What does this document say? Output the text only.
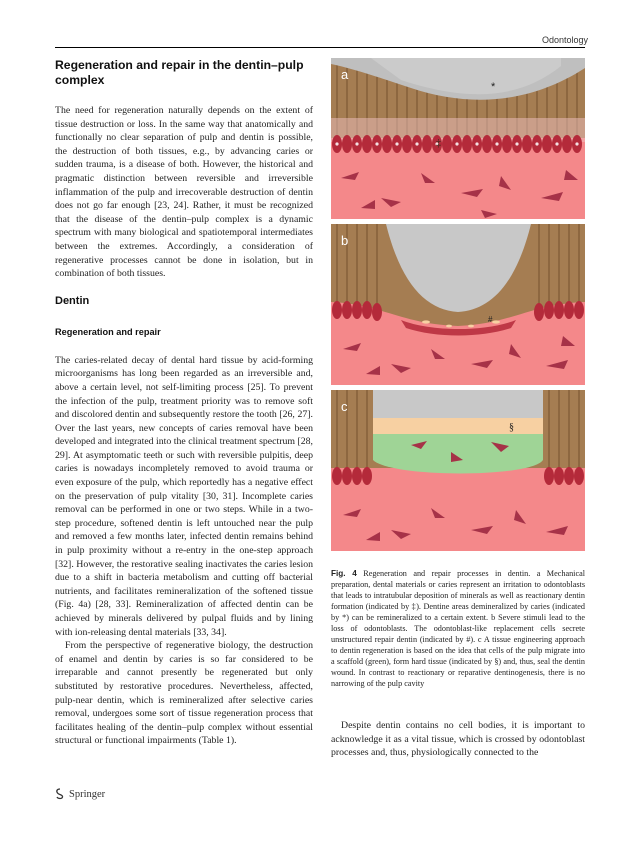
Odontology
Regeneration and repair in the dentin–pulp complex

The need for regeneration naturally depends on the extent of tissue destruction or loss. In the same way that anatomically and functionally no clear separation of pulp and dentin is possible, the destruction of both tissues, e.g., by advancing caries or sudden trauma, is a disease of both. However, the historical and pragmatic distinction between reversible and irreversible inflammation of the pulp and irrecoverable destruction of dentin does not go far enough [23, 24]. Rather, it must be recognized that the disease of the dentin–pulp complex is a dynamic spectrum with many biological and spatiotemporal intermediates between the extremes. Accordingly, a consideration of regenerative processes cannot be done in isolation, but in combination of both tissues.

Dentin
Regeneration and repair

The caries-related decay of dental hard tissue by acid-forming microorganisms has long been regarded as an irreversible and, above a certain level, not self-limiting process [25]. To prevent the infection of the pulp, treatment priority was to remove soft and discolored dentin and subsequently restore the tooth [26, 27]. Over the last years, new concepts of caries removal have been developed and integrated into the clinical treatment spectrum [28, 29]. At asymptomatic teeth or such with reversible pulpitis, deep caries is nowadays incompletely removed to avoid trauma or even exposure of the pulp, which reportedly has a negative effect on the preservation of pulp vitality [30, 31]. Incomplete caries removal can be performed in one or two steps. While in a two-step procedure, softened dentin is left untouched near the pulp and removed a few months later, infected dentin remains behind in pulp proximity without a re-entry in the one-step approach [32]. However, the restorative sealing inactivates the caries lesion due to a shift in bacteria metabolism and cutting off bacterial nutrients, and facilitates remineralization of the softened tissue (Fig. 4a) [28, 33]. Remineralization of affected dentin can be achieved by minerals delivered by pulpal fluids and by lining with ion-releasing dental materials [33, 34].

From the perspective of regenerative biology, the destruction of enamel and dentin by caries is so far considered to be irreparable and cannot presently be regenerated but only substituted by restorative procedures. Nevertheless, affected, pulp-near dentin, which is remineralized after selective caries removal, undergoes some sort of tissue regeneration process that facilitates healing of the dentin–pulp complex without essential structural or functional impairments (Table 1).

a
*
‡
b
#
c
§
Fig. 4 Regeneration and repair processes in dentin. a Mechanical preparation, dental materials or caries represent an irritation to odontoblasts that leads to intratubular deposition of minerals as well as reactionary dentin formation (indicated by ‡). Dentine areas demineralized by caries (indicated by *) can be remineralized to a certain extent. b Severe stimuli lead to the loss of odontoblasts. The odontoblast-like replacement cells secrete unstructured repair dentin (indicated by #). c A tissue engineering approach to dentin regeneration is based on the idea that cells of the pulp migrate into a scaffold (green), form hard tissue (indicated by §) and, thus, seal the dentin wound. In contrast to reactionary or reparative dentinogenesis, there is no narrowing of the pulp cavity

Despite dentin contains no cell bodies, it is important to acknowledge it as a vital tissue, which is crossed by odontoblast processes and, thus, physiologically connected to the

Springer
